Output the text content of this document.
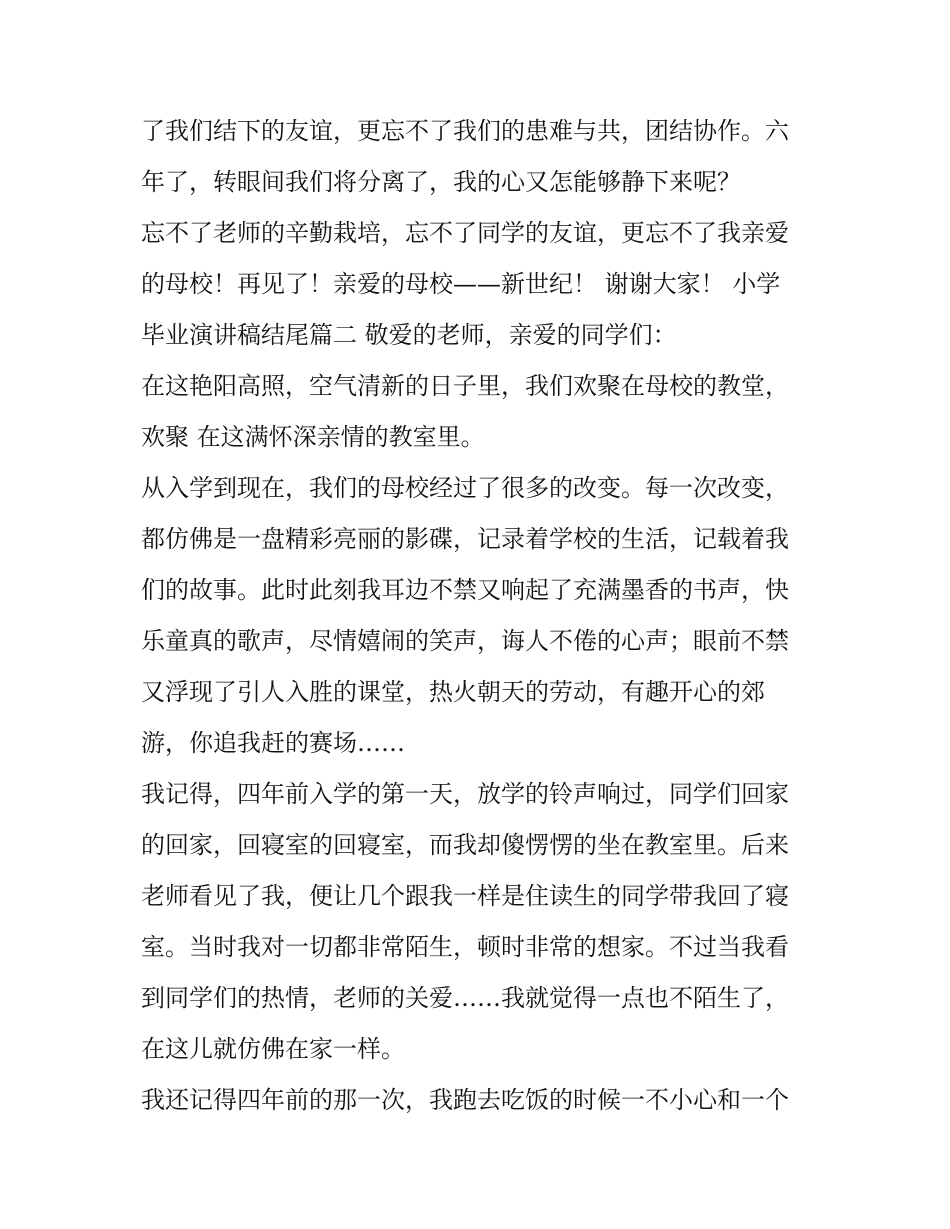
了我们结下的友谊，更忘不了我们的患难与共，团结协作。六
年了，转眼间我们将分离了，我的心又怎能够静下来呢？
忘不了老师的辛勤栽培，忘不了同学的友谊，更忘不了我亲爱
的母校！再见了！亲爱的母校——新世纪！ 谢谢大家！ 小学
毕业演讲稿结尾篇二 敬爱的老师，亲爱的同学们：
在这艳阳高照，空气清新的日子里，我们欢聚在母校的教堂，
欢聚 在这满怀深亲情的教室里。
从入学到现在，我们的母校经过了很多的改变。每一次改变，
都仿佛是一盘精彩亮丽的影碟，记录着学校的生活，记载着我
们的故事。此时此刻我耳边不禁又响起了充满墨香的书声，快
乐童真的歌声，尽情嬉闹的笑声，诲人不倦的心声；眼前不禁
又浮现了引人入胜的课堂，热火朝天的劳动，有趣开心的郊
游，你追我赶的赛场……
我记得，四年前入学的第一天，放学的铃声响过，同学们回家
的回家，回寝室的回寝室，而我却傻愣愣的坐在教室里。后来
老师看见了我，便让几个跟我一样是住读生的同学带我回了寝
室。当时我对一切都非常陌生，顿时非常的想家。不过当我看
到同学们的热情，老师的关爱……我就觉得一点也不陌生了，
在这儿就仿佛在家一样。
我还记得四年前的那一次，我跑去吃饭的时候一不小心和一个
